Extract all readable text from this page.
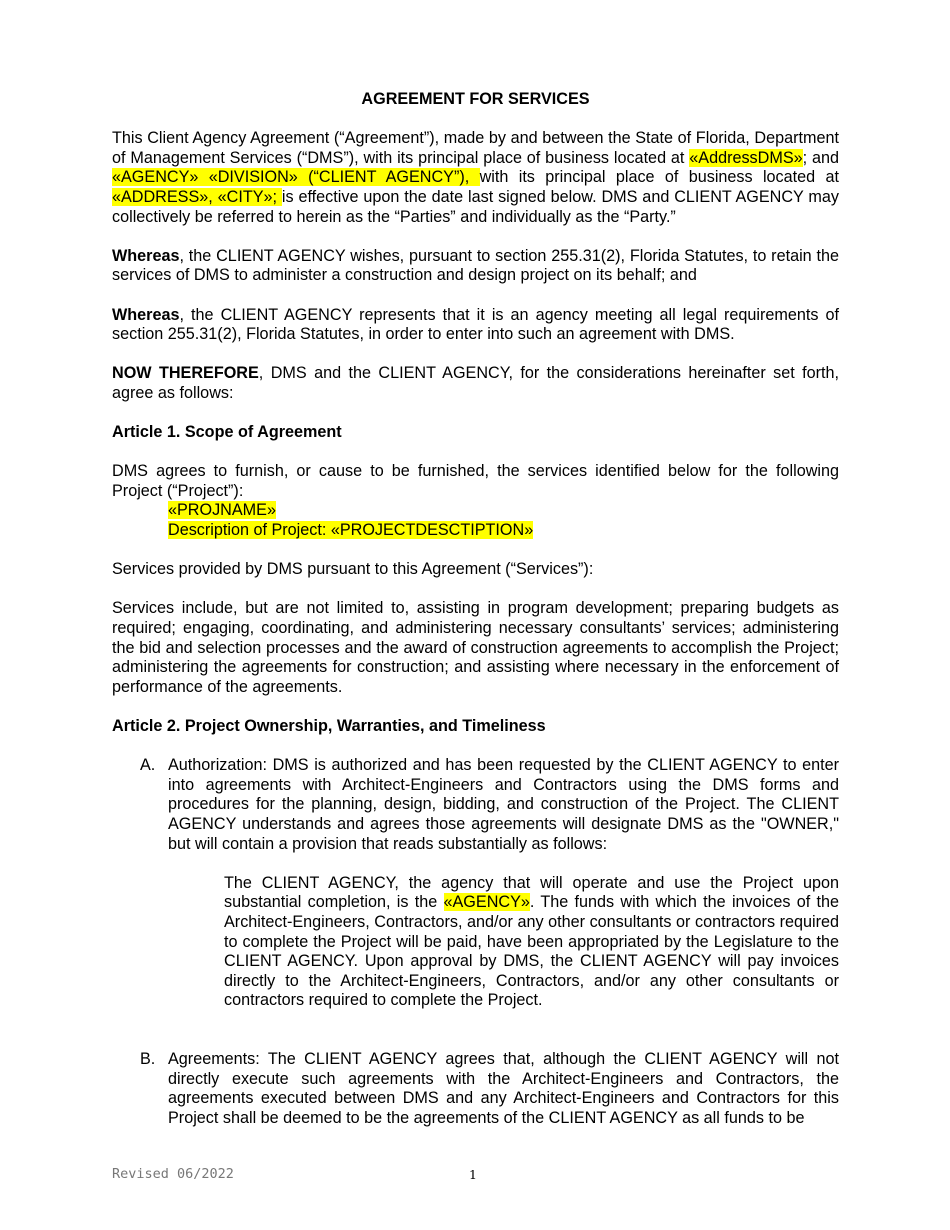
AGREEMENT FOR SERVICES

This Client Agency Agreement (“Agreement”), made by and between the State of Florida, Department of Management Services (“DMS”), with its principal place of business located at «AddressDMS»; and «AGENCY» «DIVISION» (“CLIENT AGENCY”), with its principal place of business located at «ADDRESS», «CITY»; is effective upon the date last signed below. DMS and CLIENT AGENCY may collectively be referred to herein as the “Parties” and individually as the “Party.”

Whereas, the CLIENT AGENCY wishes, pursuant to section 255.31(2), Florida Statutes, to retain the services of DMS to administer a construction and design project on its behalf; and

Whereas, the CLIENT AGENCY represents that it is an agency meeting all legal requirements of section 255.31(2), Florida Statutes, in order to enter into such an agreement with DMS.

NOW THEREFORE, DMS and the CLIENT AGENCY, for the considerations hereinafter set forth, agree as follows:

Article 1. Scope of Agreement
DMS agrees to furnish, or cause to be furnished, the services identified below for the following Project (“Project”):
«PROJNAME»
Description of Project: «PROJECTDESCTIPTION»

Services provided by DMS pursuant to this Agreement (“Services”):

Services include, but are not limited to, assisting in program development; preparing budgets as required; engaging, coordinating, and administering necessary consultants’ services; administering the bid and selection processes and the award of construction agreements to accomplish the Project; administering the agreements for construction; and assisting where necessary in the enforcement of performance of the agreements.

Article 2. Project Ownership, Warranties, and Timeliness
A. Authorization: DMS is authorized and has been requested by the CLIENT AGENCY to enter into agreements with Architect-Engineers and Contractors using the DMS forms and procedures for the planning, design, bidding, and construction of the Project. The CLIENT AGENCY understands and agrees those agreements will designate DMS as the "OWNER," but will contain a provision that reads substantially as follows:
The CLIENT AGENCY, the agency that will operate and use the Project upon substantial completion, is the «AGENCY». The funds with which the invoices of the Architect-Engineers, Contractors, and/or any other consultants or contractors required to complete the Project will be paid, have been appropriated by the Legislature to the CLIENT AGENCY. Upon approval by DMS, the CLIENT AGENCY will pay invoices directly to the Architect-Engineers, Contractors, and/or any other consultants or contractors required to complete the Project.
B. Agreements: The CLIENT AGENCY agrees that, although the CLIENT AGENCY will not directly execute such agreements with the Architect-Engineers and Contractors, the agreements executed between DMS and any Architect-Engineers and Contractors for this Project shall be deemed to be the agreements of the CLIENT AGENCY as all funds to be
Revised 06/2022	1
